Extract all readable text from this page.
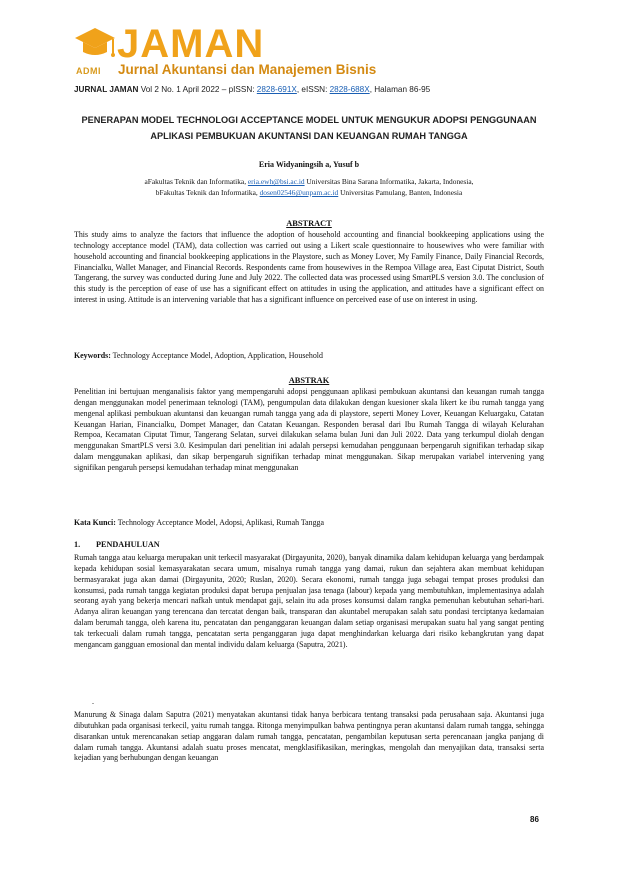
ADMI
JAMAN
Jurnal Akuntansi dan Manajemen Bisnis
JURNAL JAMAN Vol 2 No. 1 April 2022 – pISSN: 2828-691X, eISSN: 2828-688X, Halaman 86-95
PENERAPAN MODEL TECHNOLOGI ACCEPTANCE MODEL UNTUK MENGUKUR ADOPSI PENGGUNAAN APLIKASI PEMBUKUAN AKUNTANSI DAN KEUANGAN RUMAH TANGGA
Eria Widyaningsih a, Yusuf b
aFakultas Teknik dan Informatika, eria.ewh@bsi.ac.id Universitas Bina Sarana Informatika, Jakarta, Indonesia,
bFakultas Teknik dan Informatika, dosen02546@unpam.ac.id Universitas Pamulang, Banten, Indonesia
ABSTRACT
This study aims to analyze the factors that influence the adoption of household accounting and financial bookkeeping applications using the technology acceptance model (TAM), data collection was carried out using a Likert scale questionnaire to housewives who were familiar with household accounting and financial bookkeeping applications in the Playstore, such as Money Lover, My Family Finance, Daily Financial Records, Financialku, Wallet Manager, and Financial Records. Respondents came from housewives in the Rempoa Village area, East Ciputat District, South Tangerang, the survey was conducted during June and July 2022. The collected data was processed using SmartPLS version 3.0. The conclusion of this study is the perception of ease of use has a significant effect on attitudes in using the application, and attitudes have a significant effect on interest in using. Attitude is an intervening variable that has a significant influence on perceived ease of use on interest in using.
Keywords: Technology Acceptance Model, Adoption, Application, Household
ABSTRAK
Penelitian ini bertujuan menganalisis faktor yang mempengaruhi adopsi penggunaan aplikasi pembukuan akuntansi dan keuangan rumah tangga dengan menggunakan model penerimaan teknologi (TAM), pengumpulan data dilakukan dengan kuesioner skala likert ke ibu rumah tangga yang mengenal aplikasi pembukuan akuntansi dan keuangan rumah tangga yang ada di playstore, seperti Money Lover, Keuangan Keluargaku, Catatan Keuangan Harian, Financialku, Dompet Manager, dan Catatan Keuangan. Responden berasal dari Ibu Rumah Tangga di wilayah Kelurahan Rempoa, Kecamatan Ciputat Timur, Tangerang Selatan, survei dilakukan selama bulan Juni dan Juli 2022. Data yang terkumpul diolah dengan menggunakan SmartPLS versi 3.0. Kesimpulan dari penelitian ini adalah persepsi kemudahan penggunaan berpengaruh signifikan terhadap sikap dalam menggunakan aplikasi, dan sikap berpengaruh signifikan terhadap minat menggunakan. Sikap merupakan variabel intervening yang signifikan pengaruh persepsi kemudahan terhadap minat menggunakan
Kata Kunci: Technology Acceptance Model, Adopsi, Aplikasi, Rumah Tangga
1. PENDAHULUAN
Rumah tangga atau keluarga merupakan unit terkecil masyarakat (Dirgayunita, 2020), banyak dinamika dalam kehidupan keluarga yang berdampak kepada kehidupan sosial kemasyarakatan secara umum, misalnya rumah tangga yang damai, rukun dan sejahtera akan membuat kehidupan bermasyarakat juga akan damai (Dirgayunita, 2020; Ruslan, 2020). Secara ekonomi, rumah tangga juga sebagai tempat proses produksi dan konsumsi, pada rumah tangga kegiatan produksi dapat berupa penjualan jasa tenaga (labour) kepada yang membutuhkan, implementasinya adalah seorang ayah yang bekerja mencari nafkah untuk mendapat gaji, selain itu ada proses konsumsi dalam rangka pemenuhan kebutuhan sehari-hari. Adanya aliran keuangan yang terencana dan tercatat dengan baik, transparan dan akuntabel merupakan salah satu pondasi terciptanya kedamaian dalam berumah tangga, oleh karena itu, pencatatan dan penganggaran keuangan dalam setiap organisasi merupakan suatu hal yang sangat penting tak terkecuali dalam rumah tangga, pencatatan serta penganggaran juga dapat menghindarkan keluarga dari risiko kebangkrutan yang dapat mengancam gangguan emosional dan mental individu dalam keluarga (Saputra, 2021).
.
Manurung & Sinaga dalam Saputra (2021) menyatakan akuntansi tidak hanya berbicara tentang transaksi pada perusahaan saja. Akuntansi juga dibutuhkan pada organisasi terkecil, yaitu rumah tangga. Ritonga menyimpulkan bahwa pentingnya peran akuntansi dalam rumah tangga, sehingga disarankan untuk merencanakan setiap anggaran dalam rumah tangga, pencatatan, pengambilan keputusan serta perencanaan jangka panjang di dalam rumah tangga. Akuntansi adalah suatu proses mencatat, mengklasifikasikan, meringkas, mengolah dan menyajikan data, transaksi serta kejadian yang berhubungan dengan keuangan
86
